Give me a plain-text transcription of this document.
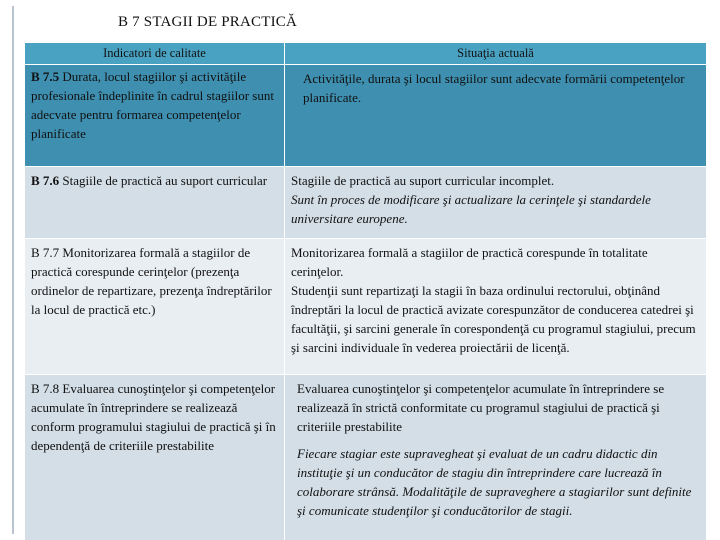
B 7 STAGII DE PRACTICĂ
Indicatori de calitate	Situaţia actuală
B 7.5 Durata, locul stagiilor şi activităţile profesionale îndeplinite în cadrul stagiilor sunt adecvate pentru formarea competenţelor planificate	Activităţile, durata şi locul stagiilor sunt adecvate formării competenţelor planificate.
B 7.6 Stagiile de practică au suport curricular	Stagiile de practică au suport curricular incomplet.
Sunt în proces de modificare şi actualizare la cerinţele şi standardele universitare europene.
B 7.7 Monitorizarea formală a stagiilor de practică corespunde cerinţelor (prezenţa ordinelor de repartizare, prezenţa îndreptărilor la locul de practică etc.)	Monitorizarea formală a stagiilor de practică corespunde în totalitate cerinţelor.
Studenţii sunt repartizaţi la stagii în baza ordinului rectorului, obţinând îndreptări la locul de practică avizate corespunzător de conducerea catedrei şi facultăţii, şi sarcini generale în corespondenţă cu programul stagiului, precum şi sarcini individuale în vederea proiectării de licenţă.
B 7.8 Evaluarea cunoştinţelor şi competenţelor acumulate în întreprindere se realizează conform programului stagiului de practică şi în dependenţă de criteriile prestabilite	Evaluarea cunoştinţelor şi competenţelor acumulate în întreprindere se realizează în strictă conformitate cu programul stagiului de practică şi criteriile prestabilite
Fiecare stagiar este supravegheat şi evaluat de un cadru didactic din instituţie şi un conducător de stagiu din întreprindere care lucrează în colaborare strânsă. Modalităţile de supraveghere a stagiarilor sunt definite şi comunicate studenţilor şi conducătorilor de stagii.
